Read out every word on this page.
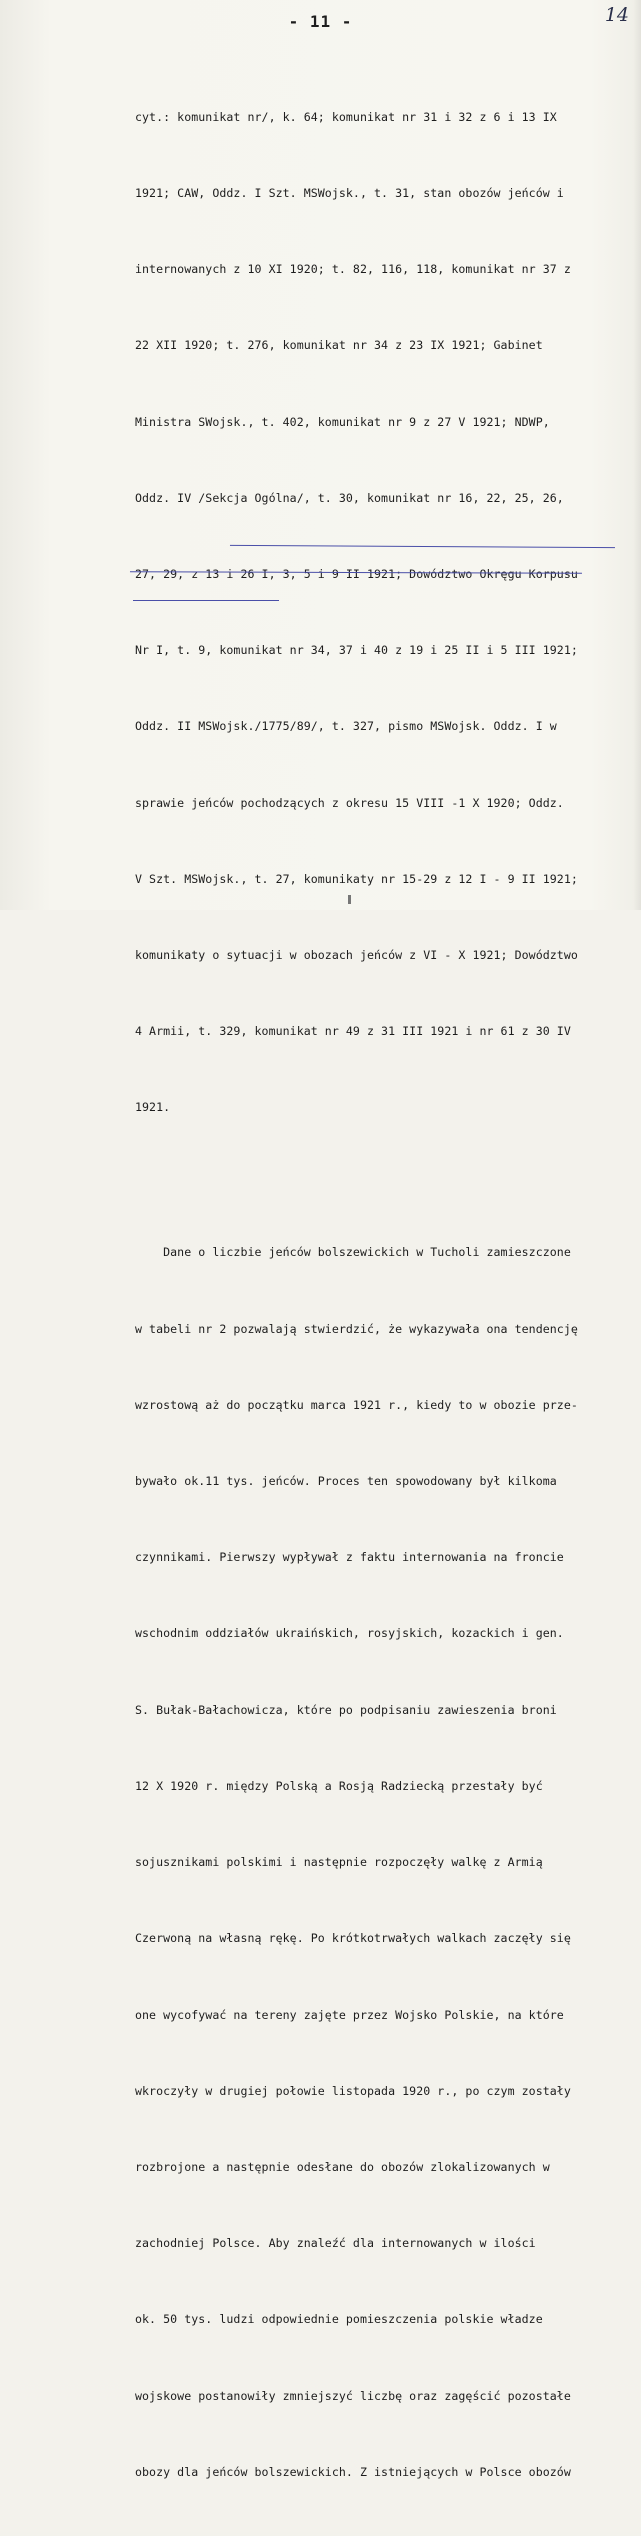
- 11 -	14

cyt.: komunikat nr/, k. 64; komunikat nr 31 i 32 z 6 i 13 IX

1921; CAW, Oddz. I Szt. MSWojsk., t. 31, stan obozów jeńców i

internowanych z 10 XI 1920; t. 82, 116, 118, komunikat nr 37 z

22 XII 1920; t. 276, komunikat nr 34 z 23 IX 1921; Gabinet

Ministra SWojsk., t. 402, komunikat nr 9 z 27 V 1921; NDWP,

Oddz. IV /Sekcja Ogólna/, t. 30, komunikat nr 16, 22, 25, 26,

27, 29, z 13 i 26 I, 3, 5 i 9 II 1921; Dowództwo Okręgu Korpusu

Nr I, t. 9, komunikat nr 34, 37 i 40 z 19 i 25 II i 5 III 1921;

Oddz. II MSWojsk./1775/89/, t. 327, pismo MSWojsk. Oddz. I w

sprawie jeńców pochodzących z okresu 15 VIII -1 X 1920; Oddz.

V Szt. MSWojsk., t. 27, komunikaty nr 15-29 z 12 I - 9 II 1921;

komunikaty o sytuacji w obozach jeńców z VI - X 1921; Dowództwo

4 Armii, t. 329, komunikat nr 49 z 31 III 1921 i nr 61 z 30 IV

1921.

Dane o liczbie jeńców bolszewickich w Tucholi zamieszczone

w tabeli nr 2 pozwalają stwierdzić, że wykazywała ona tendencję

wzrostową aż do początku marca 1921 r., kiedy to w obozie prze-

bywało ok.11 tys. jeńców. Proces ten spowodowany był kilkoma

czynnikami. Pierwszy wypływał z faktu internowania na froncie

wschodnim oddziałów ukraińskich, rosyjskich, kozackich i gen.

S. Bułak-Bałachowicza, które po podpisaniu zawieszenia broni

12 X 1920 r. między Polską a Rosją Radziecką przestały być

sojusznikami polskimi i następnie rozpoczęły walkę z Armią

Czerwoną na własną rękę. Po krótkotrwałych walkach zaczęły się

one wycofywać na tereny zajęte przez Wojsko Polskie, na które

wkroczyły w drugiej połowie listopada 1920 r., po czym zostały

rozbrojone a następnie odesłane do obozów zlokalizowanych w

zachodniej Polsce. Aby znaleźć dla internowanych w ilości

ok. 50 tys. ludzi odpowiednie pomieszczenia polskie władze

wojskowe postanowiły zmniejszyć liczbę oraz zagęścić pozostałe

obozy dla jeńców bolszewickich. Z istniejących w Polsce obozów
